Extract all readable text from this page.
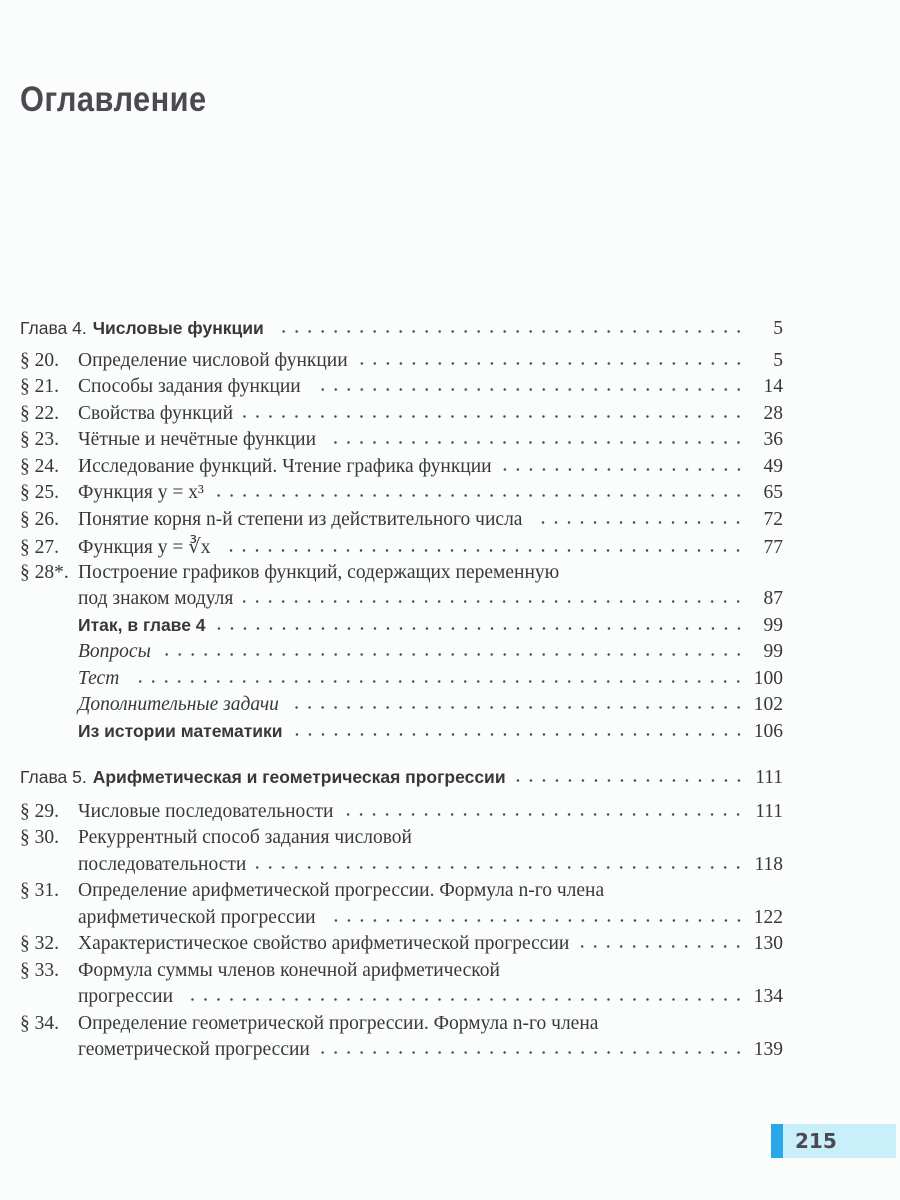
Оглавление
Глава 4. Числовые функции	5
§ 20. Определение числовой функции	5
§ 21. Способы задания функции	14
§ 22. Свойства функций	28
§ 23. Чётные и нечётные функции	36
§ 24. Исследование функций. Чтение графика функции	49
§ 25. Функция y = x³	65
§ 26. Понятие корня n-й степени из действительного числа	72
§ 27. Функция y = ∛x	77
§ 28*. Построение графиков функций, содержащих переменную
под знаком модуля	87
Итак, в главе 4	99
Вопросы	99
Тест	100
Дополнительные задачи	102
Из истории математики	106
Глава 5. Арифметическая и геометрическая прогрессии	111
§ 29. Числовые последовательности	111
§ 30. Рекуррентный способ задания числовой
последовательности	118
§ 31. Определение арифметической прогрессии. Формула n-го члена
арифметической прогрессии	122
§ 32. Характеристическое свойство арифметической прогрессии	130
§ 33. Формула суммы членов конечной арифметической
прогрессии	134
§ 34. Определение геометрической прогрессии. Формула n-го члена
геометрической прогрессии	139
215
